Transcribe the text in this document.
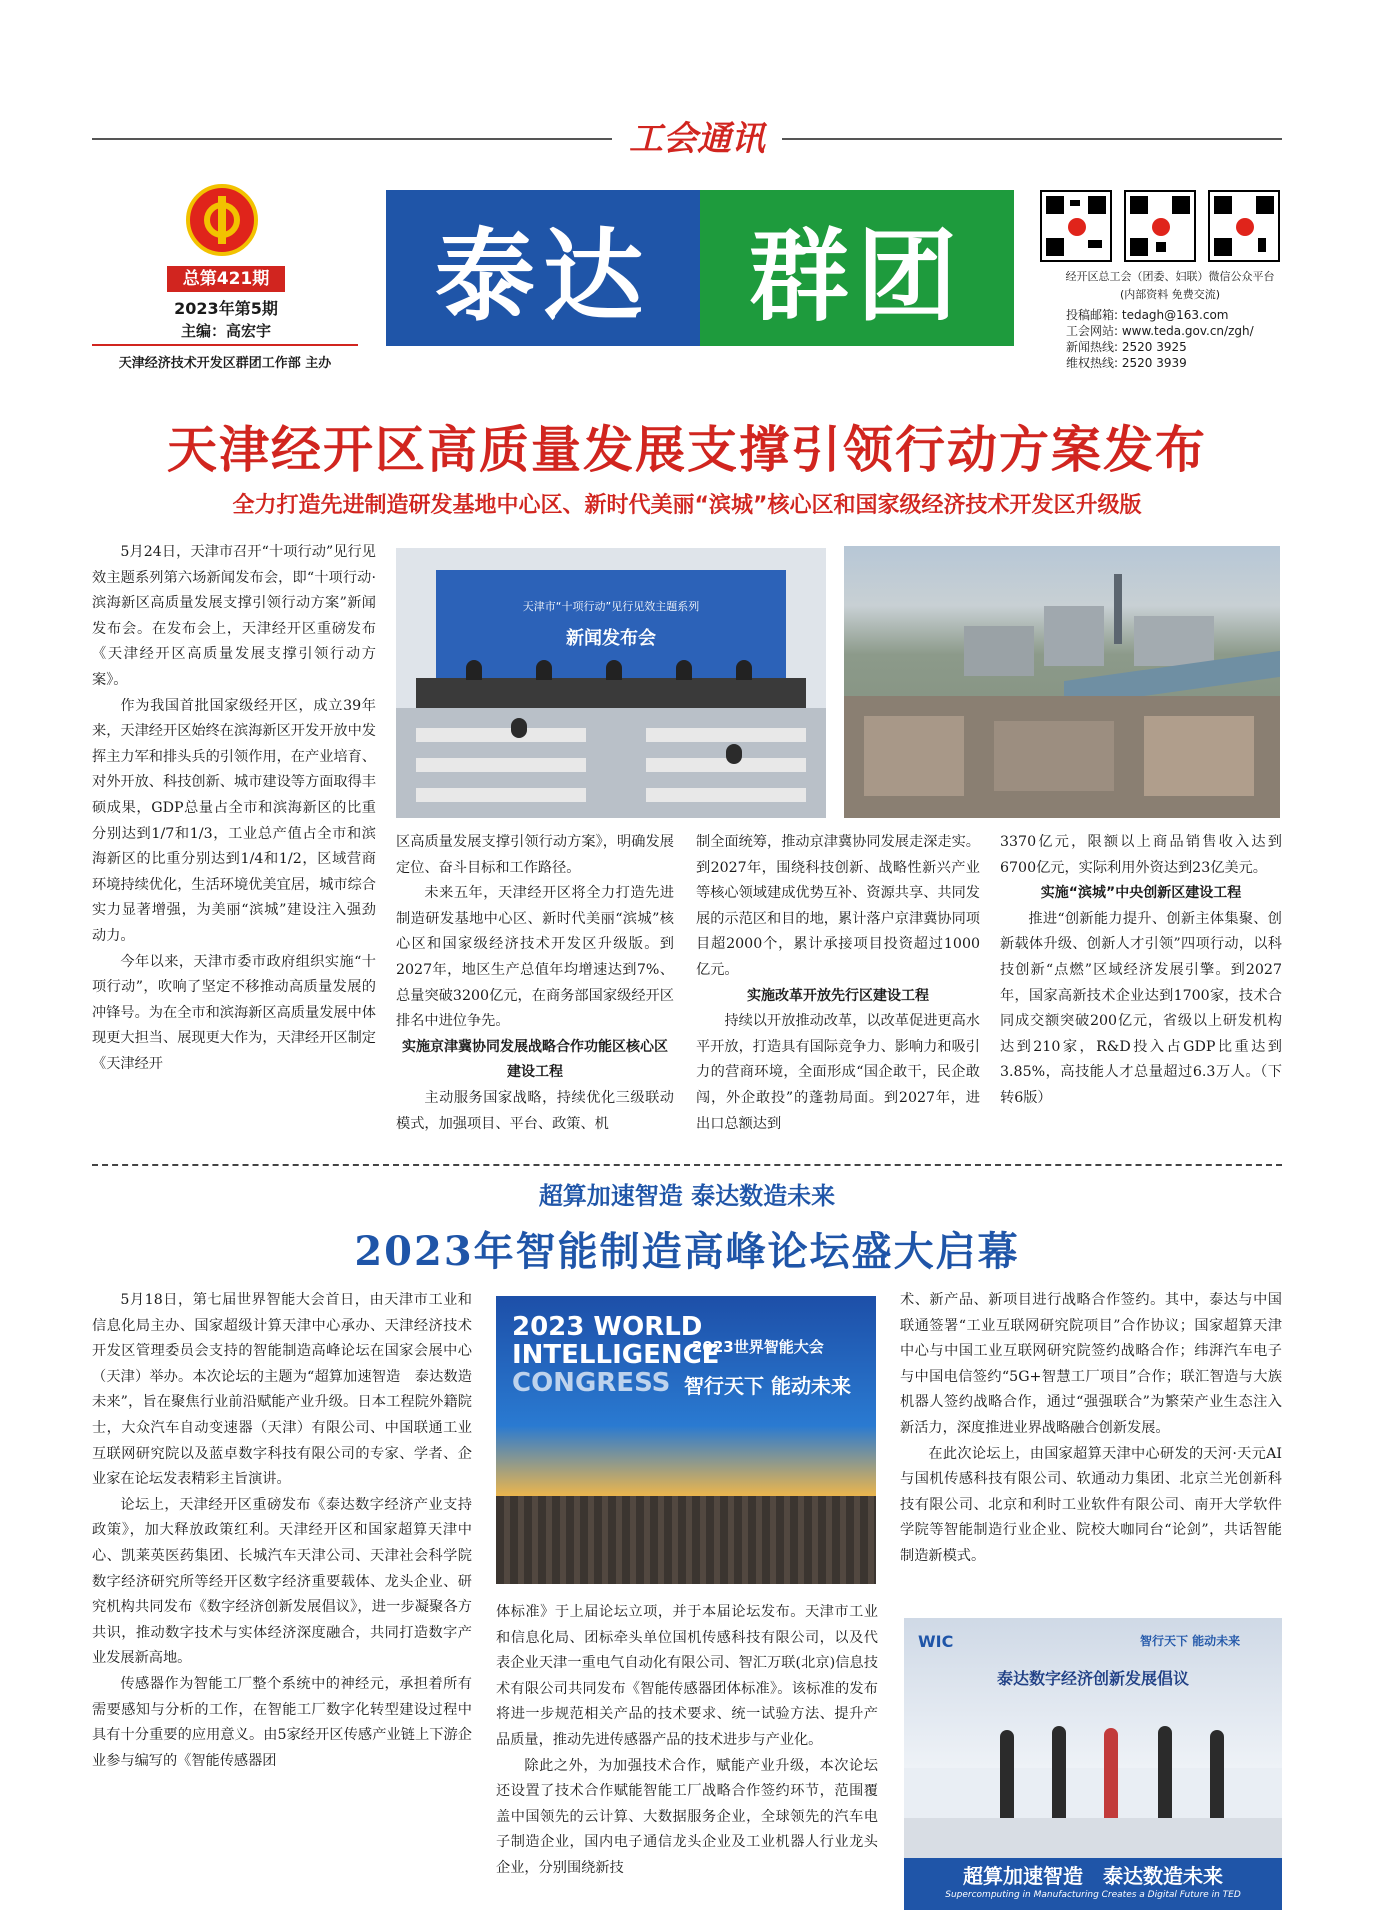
工会通讯
总第421期
2023年第5期
主编：高宏宇
天津经济技术开发区群团工作部 主办
泰达 群团	经开区总工会（团委、妇联）微信公众平台
(内部资料 免费交流)
投稿邮箱: tedagh@163.com
工会网站: www.teda.gov.cn/zgh/
新闻热线: 2520 3925
维权热线: 2520 3939
天津经开区高质量发展支撑引领行动方案发布
全力打造先进制造研发基地中心区、新时代美丽“滨城”核心区和国家级经济技术开发区升级版

5月24日，天津市召开“十项行动”见行见效主题系列第六场新闻发布会，即“十项行动·滨海新区高质量发展支撑引领行动方案”新闻发布会。在发布会上，天津经开区重磅发布《天津经开区高质量发展支撑引领行动方案》。

作为我国首批国家级经开区，成立39年来，天津经开区始终在滨海新区开发开放中发挥主力军和排头兵的引领作用，在产业培育、对外开放、科技创新、城市建设等方面取得丰硕成果，GDP总量占全市和滨海新区的比重分别达到1/7和1/3，工业总产值占全市和滨海新区的比重分别达到1/4和1/2，区域营商环境持续优化，生活环境优美宜居，城市综合实力显著增强，为美丽“滨城”建设注入强劲动力。

今年以来，天津市委市政府组织实施“十项行动”，吹响了坚定不移推动高质量发展的冲锋号。为在全市和滨海新区高质量发展中体现更大担当、展现更大作为，天津经开区制定《天津经开

天津市“十项行动”见行见效主题系列
新闻发布会

区高质量发展支撑引领行动方案》，明确发展定位、奋斗目标和工作路径。

未来五年，天津经开区将全力打造先进制造研发基地中心区、新时代美丽“滨城”核心区和国家级经济技术开发区升级版。到2027年，地区生产总值年均增速达到7%、总量突破3200亿元，在商务部国家级经开区排名中进位争先。

实施京津冀协同发展战略合作功能区核心区建设工程

主动服务国家战略，持续优化三级联动模式，加强项目、平台、政策、机

制全面统筹，推动京津冀协同发展走深走实。到2027年，围绕科技创新、战略性新兴产业等核心领域建成优势互补、资源共享、共同发展的示范区和目的地，累计落户京津冀协同项目超2000个，累计承接项目投资超过1000亿元。

实施改革开放先行区建设工程

持续以开放推动改革，以改革促进更高水平开放，打造具有国际竞争力、影响力和吸引力的营商环境，全面形成“国企敢干，民企敢闯，外企敢投”的蓬勃局面。到2027年，进出口总额达到

3370亿元，限额以上商品销售收入达到6700亿元，实际利用外资达到23亿美元。

实施“滨城”中央创新区建设工程

推进“创新能力提升、创新主体集聚、创新载体升级、创新人才引领”四项行动，以科技创新“点燃”区域经济发展引擎。到2027年，国家高新技术企业达到1700家，技术合同成交额突破200亿元，省级以上研发机构达到210家，R&D投入占GDP比重达到3.85%，高技能人才总量超过6.3万人。（下转6版）

超算加速智造 泰达数造未来
2023年智能制造高峰论坛盛大启幕

5月18日，第七届世界智能大会首日，由天津市工业和信息化局主办、国家超级计算天津中心承办、天津经济技术开发区管理委员会支持的智能制造高峰论坛在国家会展中心（天津）举办。本次论坛的主题为“超算加速智造　泰达数造未来”，旨在聚焦行业前沿赋能产业升级。日本工程院外籍院士，大众汽车自动变速器（天津）有限公司、中国联通工业互联网研究院以及蓝卓数字科技有限公司的专家、学者、企业家在论坛发表精彩主旨演讲。

论坛上，天津经开区重磅发布《泰达数字经济产业支持政策》，加大释放政策红利。天津经开区和国家超算天津中心、凯莱英医药集团、长城汽车天津公司、天津社会科学院数字经济研究所等经开区数字经济重要载体、龙头企业、研究机构共同发布《数字经济创新发展倡议》，进一步凝聚各方共识，推动数字技术与实体经济深度融合，共同打造数字产业发展新高地。

传感器作为智能工厂整个系统中的神经元，承担着所有需要感知与分析的工作，在智能工厂数字化转型建设过程中具有十分重要的应用意义。由5家经开区传感产业链上下游企业参与编写的《智能传感器团

2023 WORLD
INTELLIGENCE
CONGRESS
2023世界智能大会
智行天下 能动未来

体标准》于上届论坛立项，并于本届论坛发布。天津市工业和信息化局、团标牵头单位国机传感科技有限公司，以及代表企业天津一重电气自动化有限公司、智汇万联(北京)信息技术有限公司共同发布《智能传感器团体标准》。该标准的发布将进一步规范相关产品的技术要求、统一试验方法、提升产品质量，推动先进传感器产品的技术进步与产业化。

除此之外，为加强技术合作，赋能产业升级，本次论坛还设置了技术合作赋能智能工厂战略合作签约环节，范围覆盖中国领先的云计算、大数据服务企业，全球领先的汽车电子制造企业，国内电子通信龙头企业及工业机器人行业龙头企业，分别围绕新技

术、新产品、新项目进行战略合作签约。其中，泰达与中国联通签署“工业互联网研究院项目”合作协议；国家超算天津中心与中国工业互联网研究院签约战略合作；纬湃汽车电子与中国电信签约“5G+智慧工厂项目”合作；联汇智造与大族机器人签约战略合作，通过“强强联合”为繁荣产业生态注入新活力，深度推进业界战略融合创新发展。

在此次论坛上，由国家超算天津中心研发的天河·天元AI与国机传感科技有限公司、软通动力集团、北京兰光创新科技有限公司、北京和利时工业软件有限公司、南开大学软件学院等智能制造行业企业、院校大咖同台“论剑”，共话智能制造新模式。

WIC	智行天下 能动未来
泰达数字经济创新发展倡议
超算加速智造　泰达数造未来
Supercomputing in Manufacturing Creates a Digital Future in TED
